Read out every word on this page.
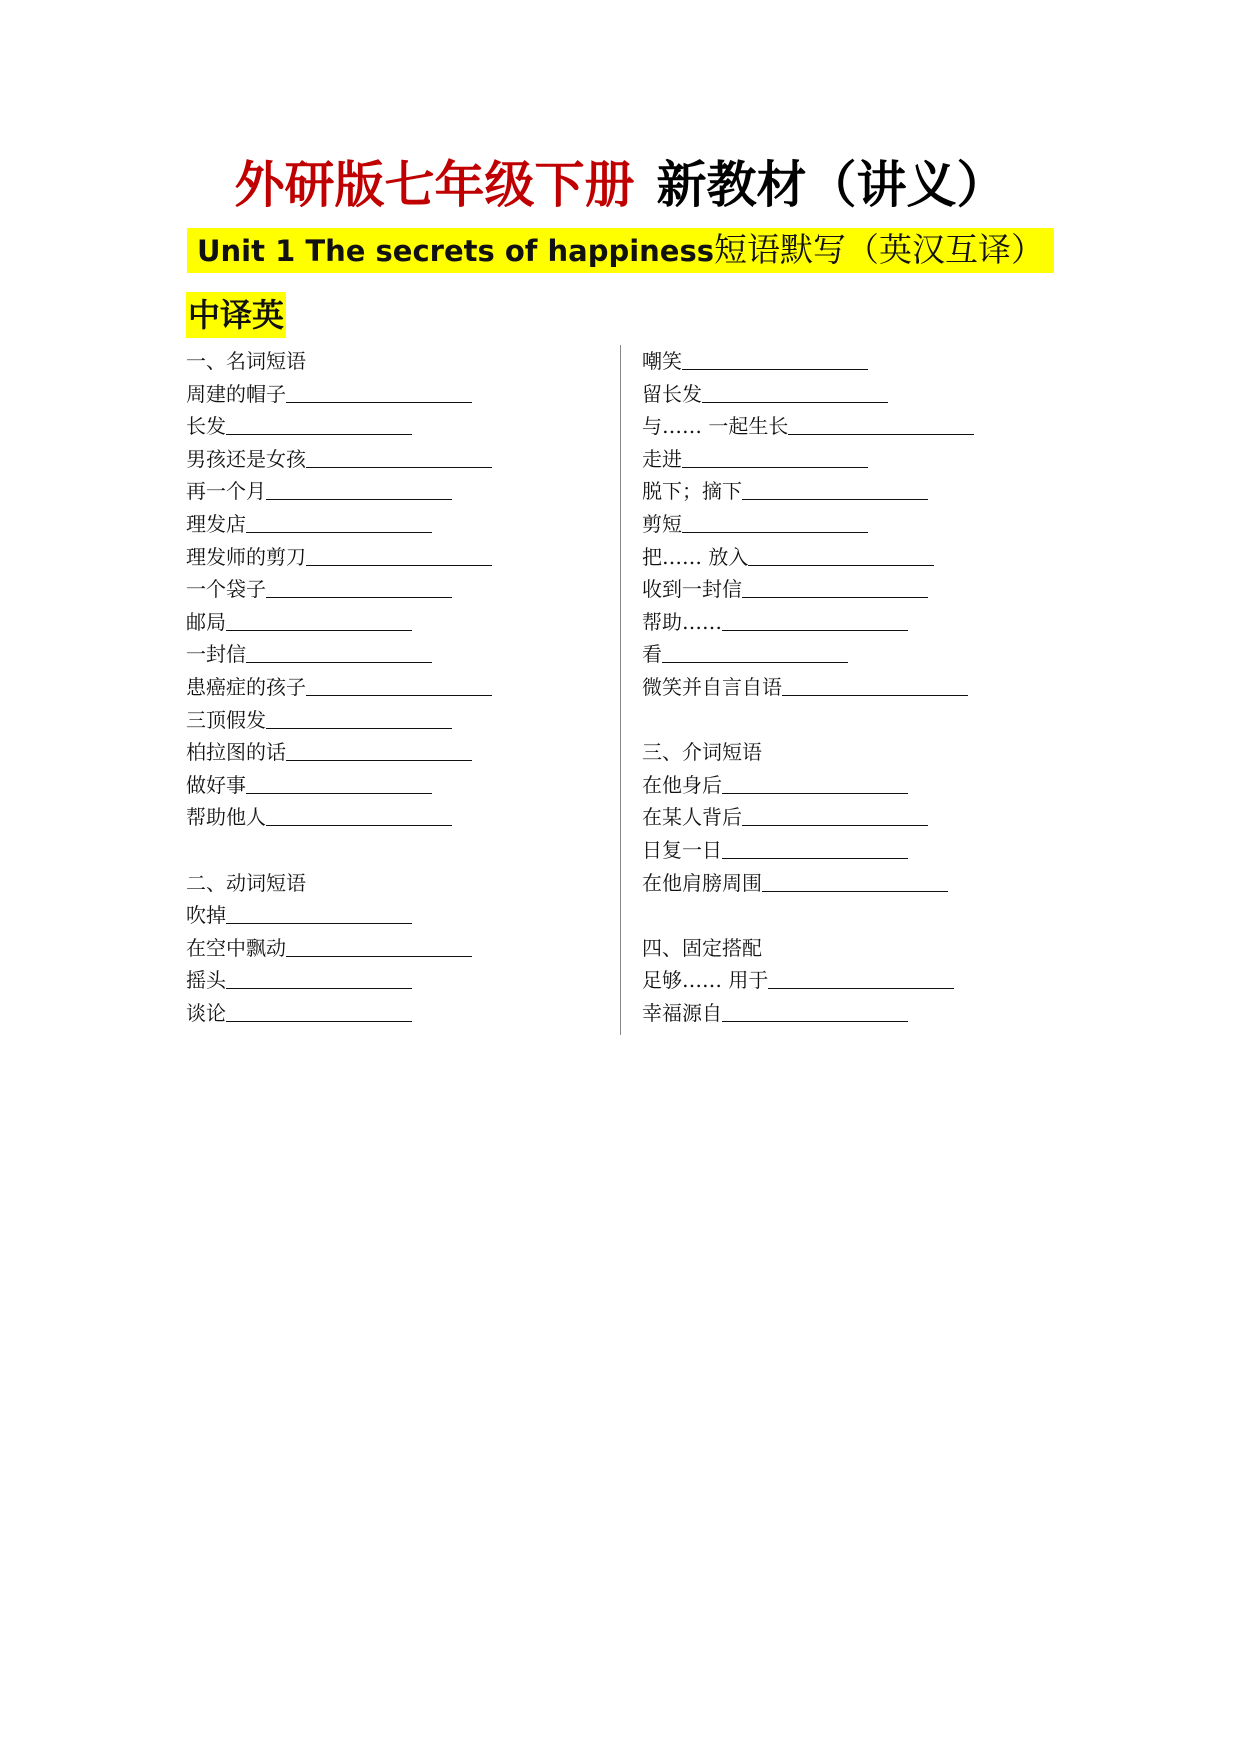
外研版七年级下册 新教材（讲义）
Unit 1 The secrets of happiness短语默写（英汉互译）
中译英
一、名词短语
周建的帽子
长发
男孩还是女孩
再一个月
理发店
理发师的剪刀
一个袋子
邮局
一封信
患癌症的孩子
三顶假发
柏拉图的话
做好事
帮助他人
二、动词短语
吹掉
在空中飘动
摇头
谈论
嘲笑
留长发
与…… 一起生长
走进
脱下；摘下
剪短
把…… 放入
收到一封信
帮助……
看
微笑并自言自语
三、介词短语
在他身后
在某人背后
日复一日
在他肩膀周围
四、固定搭配
足够…… 用于
幸福源自
